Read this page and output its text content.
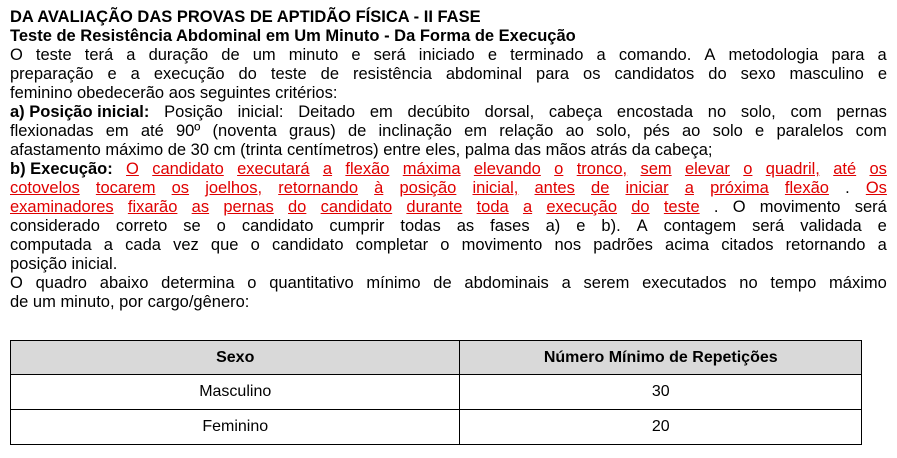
DA AVALIAÇÃO DAS PROVAS DE APTIDÃO FÍSICA - II FASE
Teste de Resistência Abdominal em Um Minuto - Da Forma de Execução
O teste terá a duração de um minuto e será iniciado e terminado a comando. A metodologia para a
preparação e a execução do teste de resistência abdominal para os candidatos do sexo masculino e
feminino obedecerão aos seguintes critérios:
a) Posição inicial: Posição inicial: Deitado em decúbito dorsal, cabeça encostada no solo, com pernas
flexionadas em até 90º (noventa graus) de inclinação em relação ao solo, pés ao solo e paralelos com
afastamento máximo de 30 cm (trinta centímetros) entre eles, palma das mãos atrás da cabeça;
b) Execução: O candidato executará a flexão máxima elevando o tronco, sem elevar o quadril, até os
cotovelos tocarem os joelhos, retornando à posição inicial, antes de iniciar a próxima flexão . Os
examinadores fixarão as pernas do candidato durante toda a execução do teste . O movimento será
considerado correto se o candidato cumprir todas as fases a) e b). A contagem será validada e
computada a cada vez que o candidato completar o movimento nos padrões acima citados retornando a
posição inicial.
O quadro abaixo determina o quantitativo mínimo de abdominais a serem executados no tempo máximo
de um minuto, por cargo/gênero:
Sexo	Número Mínimo de Repetições
Masculino	30
Feminino	20
